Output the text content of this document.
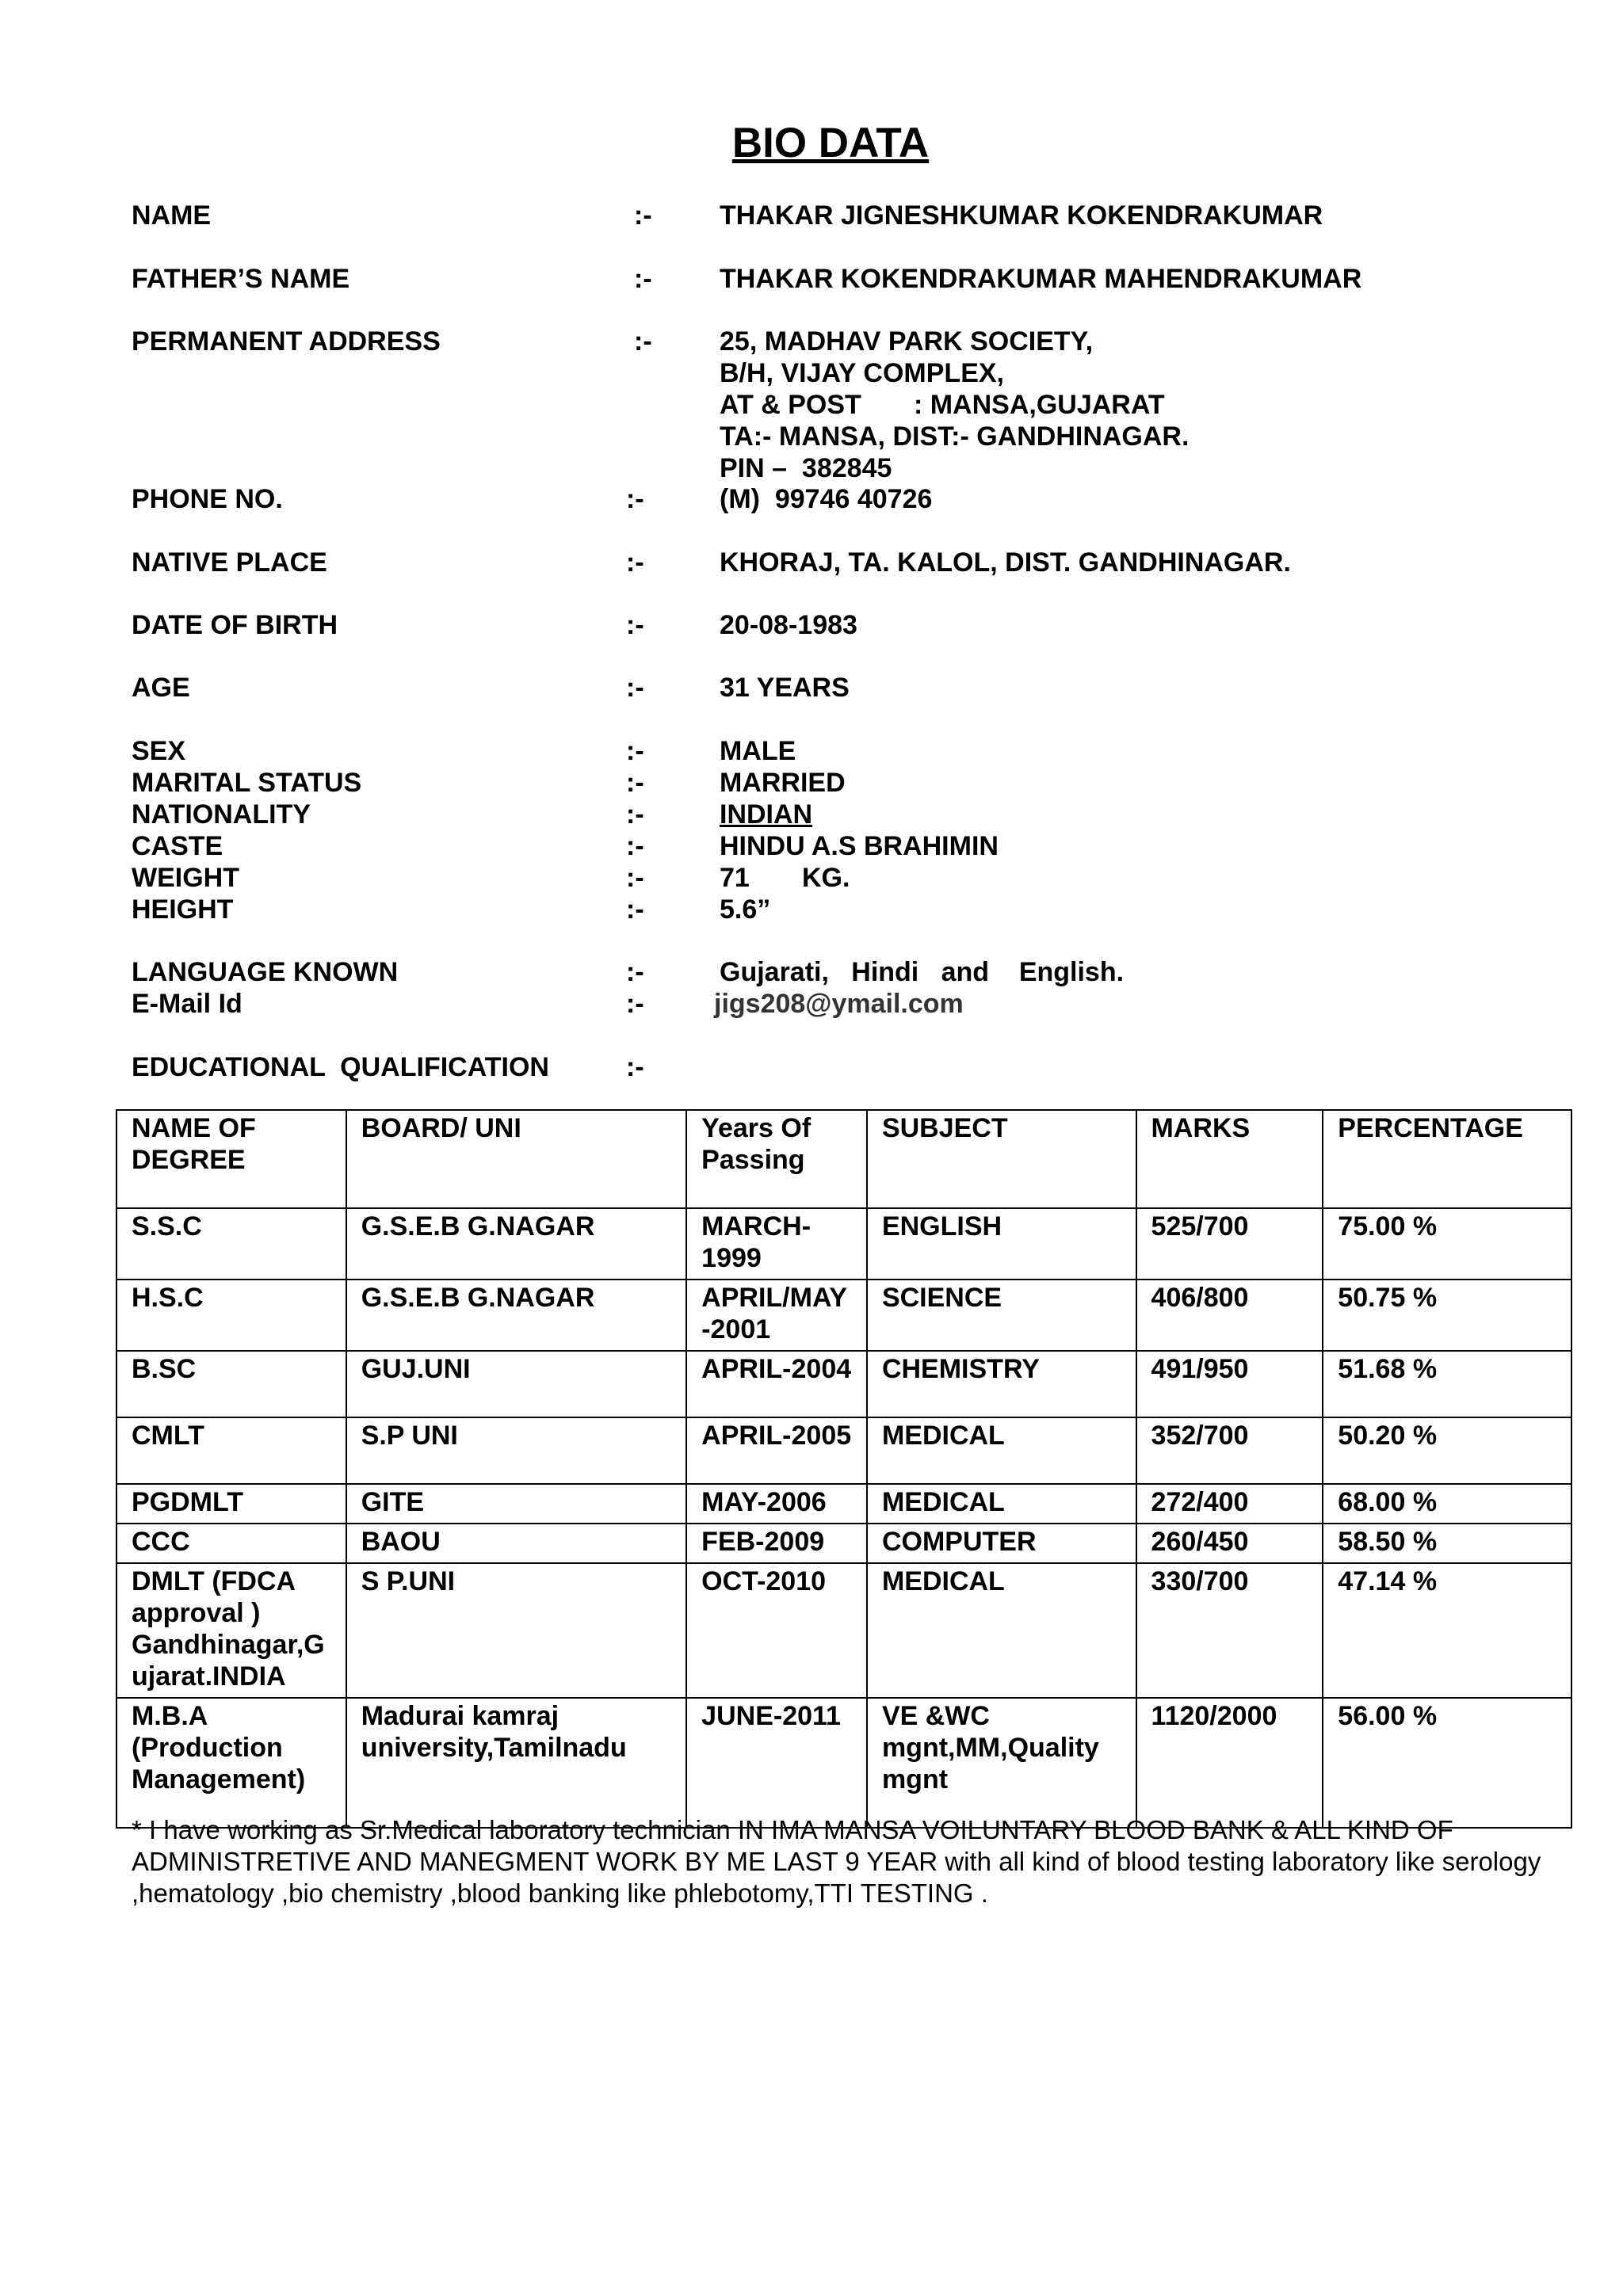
BIO DATA
NAME	:-	THAKAR JIGNESHKUMAR KOKENDRAKUMAR
FATHER’S NAME	:-	THAKAR KOKENDRAKUMAR MAHENDRAKUMAR
PERMANENT ADDRESS	:-	25, MADHAV PARK SOCIETY,
B/H, VIJAY COMPLEX,
AT & POST       : MANSA,GUJARAT
TA:- MANSA, DIST:- GANDHINAGAR.
PIN –  382845
PHONE NO.	:-	(M)  99746 40726
NATIVE PLACE	:-	KHORAJ, TA. KALOL, DIST. GANDHINAGAR.
DATE OF BIRTH	:-	20-08-1983
AGE	:-	31 YEARS
SEX	:-	MALE
MARITAL STATUS	:-	MARRIED
NATIONALITY	:-	INDIAN
CASTE	:-	HINDU A.S BRAHIMIN
WEIGHT	:-	71       KG.
HEIGHT	:-	5.6”
LANGUAGE KNOWN	:-	Gujarati,   Hindi   and    English.
E-Mail Id	:-	jigs208@ymail.com
EDUCATIONAL  QUALIFICATION	:-
NAME OF DEGREE	BOARD/ UNI	Years Of Passing	SUBJECT	MARKS	PERCENTAGE
S.S.C	G.S.E.B G.NAGAR	MARCH-1999	ENGLISH	525/700	75.00 %
H.S.C	G.S.E.B G.NAGAR	APRIL/MAY-2001	SCIENCE	406/800	50.75 %
B.SC	GUJ.UNI	APRIL-2004	CHEMISTRY	491/950	51.68 %
CMLT	S.P UNI	APRIL-2005	MEDICAL	352/700	50.20 %
PGDMLT	GITE	MAY-2006	MEDICAL	272/400	68.00 %
CCC	BAOU	FEB-2009	COMPUTER	260/450	58.50 %
DMLT (FDCA approval ) Gandhinagar,Gujarat.INDIA	S P.UNI	OCT-2010	MEDICAL	330/700	47.14 %
M.B.A (Production Management)	Madurai kamraj university,Tamilnadu	JUNE-2011	VE &WC mgnt,MM,Quality mgnt	1120/2000	56.00 %
* I have working as Sr.Medical laboratory technician IN IMA MANSA VOILUNTARY BLOOD BANK & ALL KIND OF ADMINISTRETIVE AND MANEGMENT WORK BY ME LAST 9 YEAR with all kind of blood testing laboratory like serology ,hematology ,bio chemistry ,blood banking like phlebotomy,TTI TESTING .
